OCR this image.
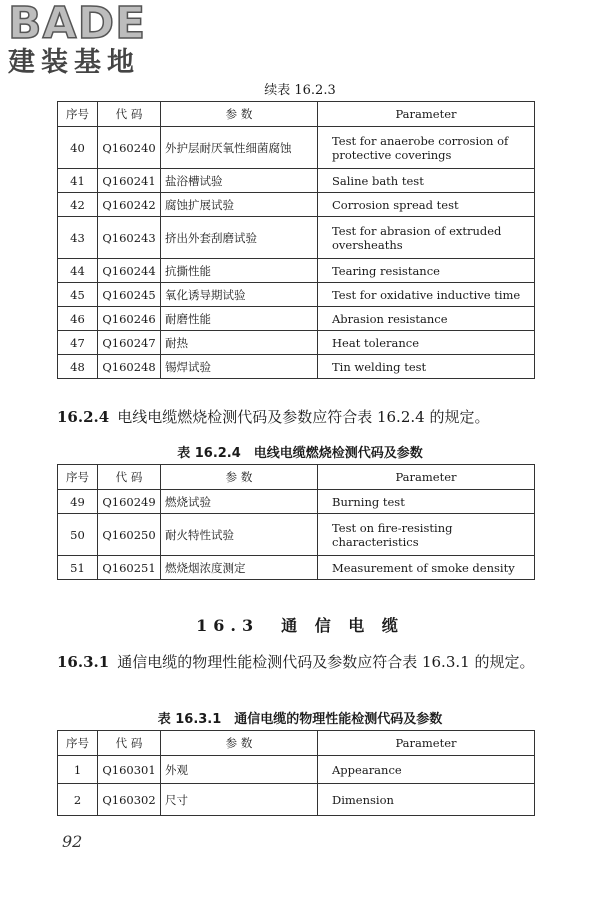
BADE
建装基地
续表 16.2.3
序号	代 码	参 数	Parameter
40	Q160240	外护层耐厌氧性细菌腐蚀	Test for anaerobe corrosion of protective coverings
41	Q160241	盐浴槽试验	Saline bath test
42	Q160242	腐蚀扩展试验	Corrosion spread test
43	Q160243	挤出外套刮磨试验	Test for abrasion of extruded oversheaths
44	Q160244	抗撕性能	Tearing resistance
45	Q160245	氧化诱导期试验	Test for oxidative inductive time
46	Q160246	耐磨性能	Abrasion resistance
47	Q160247	耐热	Heat tolerance
48	Q160248	锡焊试验	Tin welding test
16.2.4 电线电缆燃烧检测代码及参数应符合表 16.2.4 的规定。
表 16.2.4　电线电缆燃烧检测代码及参数
序号	代 码	参 数	Parameter
49	Q160249	燃烧试验	Burning test
50	Q160250	耐火特性试验	Test on fire-resisting characteristics
51	Q160251	燃烧烟浓度测定	Measurement of smoke density
16.3　通 信 电 缆
16.3.1 通信电缆的物理性能检测代码及参数应符合表 16.3.1 的规定。
表 16.3.1　通信电缆的物理性能检测代码及参数
序号	代 码	参 数	Parameter
1	Q160301	外观	Appearance
2	Q160302	尺寸	Dimension
92
